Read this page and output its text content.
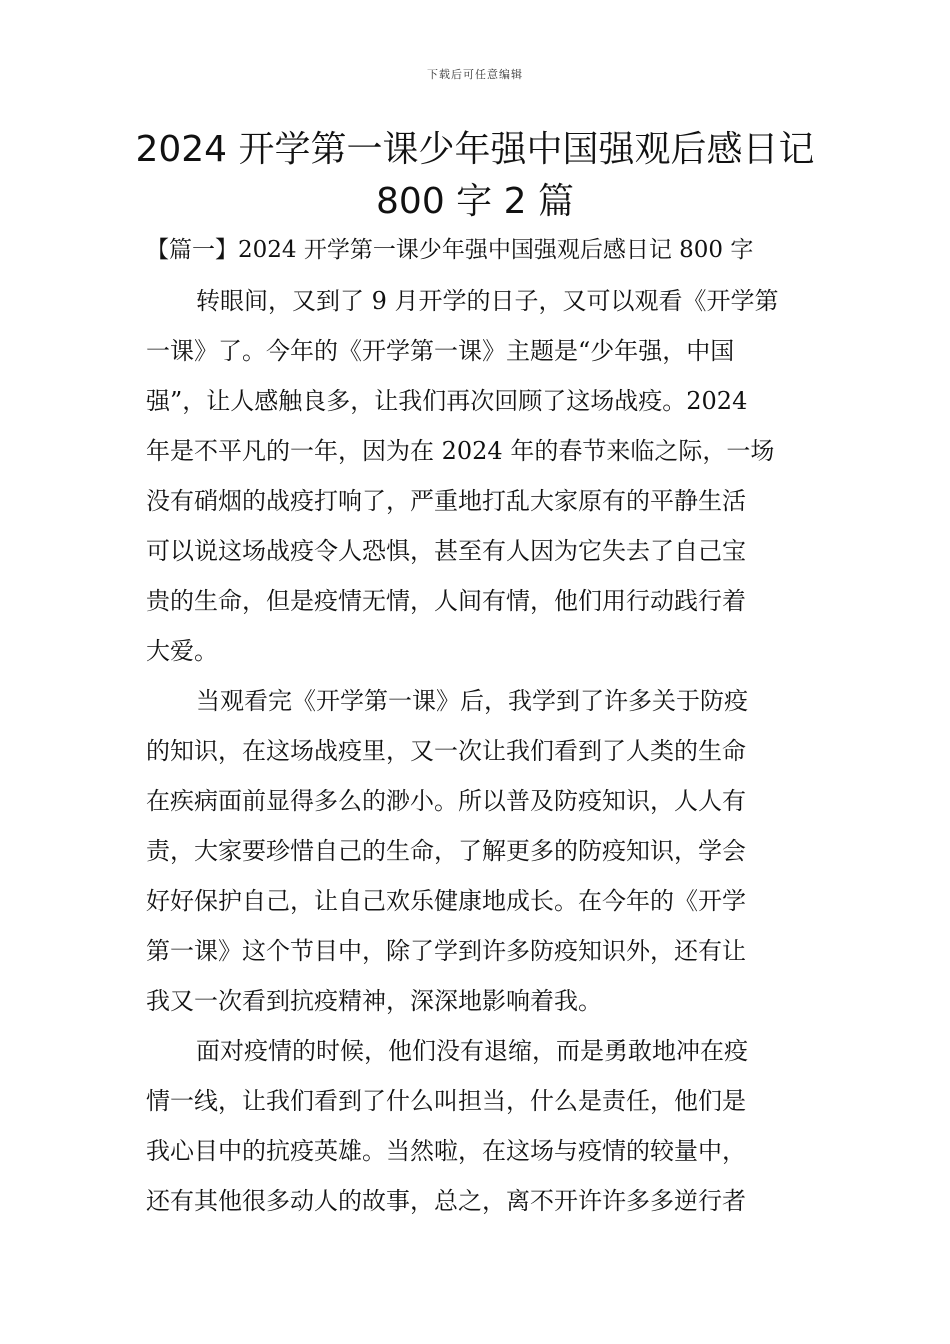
下载后可任意编辑
2024 开学第一课少年强中国强观后感日记
800 字 2 篇
【篇一】2024 开学第一课少年强中国强观后感日记 800 字
转眼间，又到了 9 月开学的日子，又可以观看《开学第
一课》了。今年的《开学第一课》主题是“少年强，中国
强”，让人感触良多，让我们再次回顾了这场战疫。2024
年是不平凡的一年，因为在 2024 年的春节来临之际，一场
没有硝烟的战疫打响了，严重地打乱大家原有的平静生活
可以说这场战疫令人恐惧，甚至有人因为它失去了自己宝
贵的生命，但是疫情无情，人间有情，他们用行动践行着
大爱。
当观看完《开学第一课》后，我学到了许多关于防疫
的知识，在这场战疫里，又一次让我们看到了人类的生命
在疾病面前显得多么的渺小。所以普及防疫知识，人人有
责，大家要珍惜自己的生命，了解更多的防疫知识，学会
好好保护自己，让自己欢乐健康地成长。在今年的《开学
第一课》这个节目中，除了学到许多防疫知识外，还有让
我又一次看到抗疫精神，深深地影响着我。
面对疫情的时候，他们没有退缩，而是勇敢地冲在疫
情一线，让我们看到了什么叫担当，什么是责任，他们是
我心目中的抗疫英雄。当然啦，在这场与疫情的较量中，
还有其他很多动人的故事，总之，离不开许许多多逆行者
